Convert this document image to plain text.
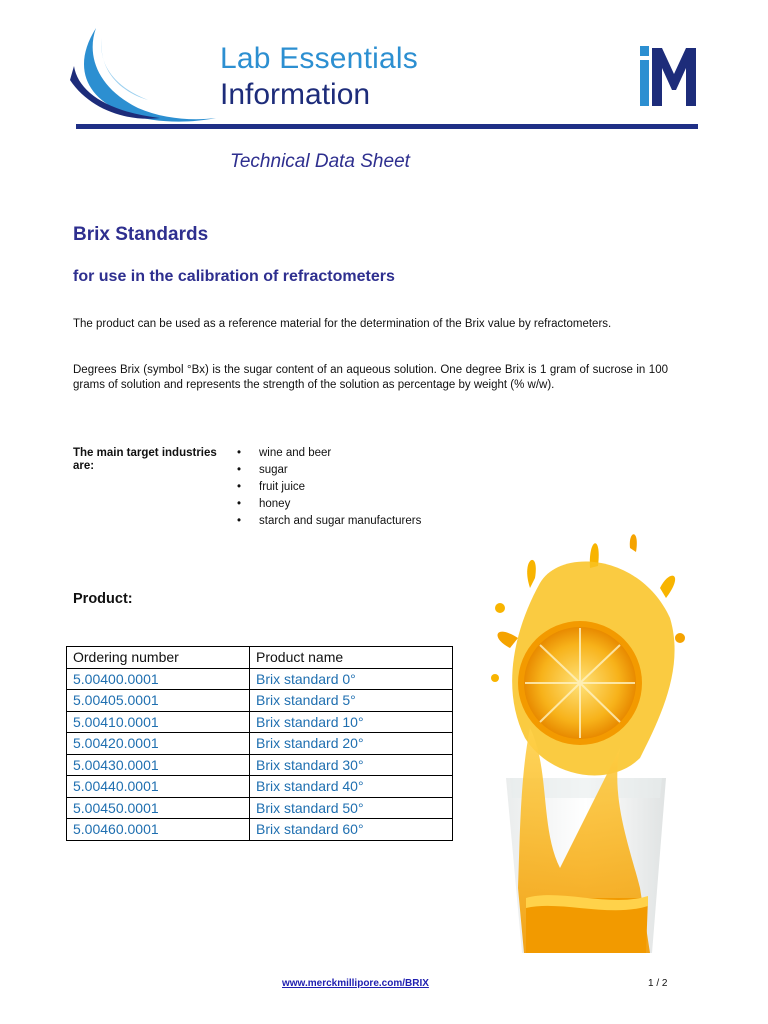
Lab Essentials
Information
Technical Data Sheet
Brix Standards
for use in the calibration of refractometers
The product can be used as a reference material for the determination of the Brix value by refractometers.
Degrees Brix (symbol °Bx) is the sugar content of an aqueous solution. One degree Brix is 1 gram of sucrose in 100 grams of solution and represents the strength of the solution as percentage by weight (% w/w).
The main target industries are:
• wine and beer
• sugar
• fruit juice
• honey
• starch and sugar manufacturers
Product:
Ordering number	Product name
5.00400.0001	Brix standard 0°
5.00405.0001	Brix standard 5°
5.00410.0001	Brix standard 10°
5.00420.0001	Brix standard 20°
5.00430.0001	Brix standard 30°
5.00440.0001	Brix standard 40°
5.00450.0001	Brix standard 50°
5.00460.0001	Brix standard 60°
www.merckmillipore.com/BRIX	1 / 2
